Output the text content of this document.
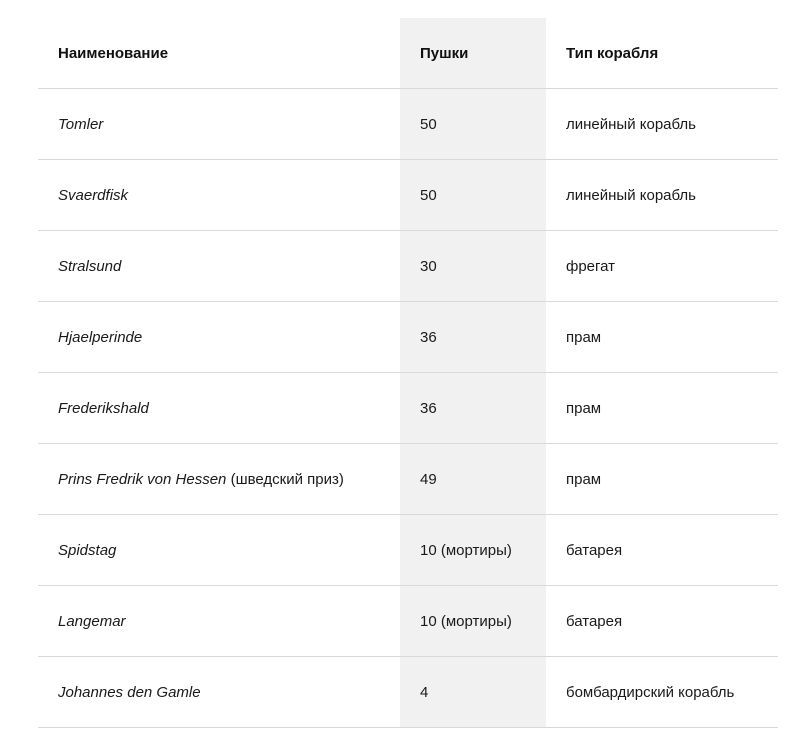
Наименование	Пушки	Тип корабля
Tomler	50	линейный корабль
Svaerdfisk	50	линейный корабль
Stralsund	30	фрегат
Hjaelperinde	36	прам
Frederikshald	36	прам
Prins Fredrik von Hessen (шведский приз)	49	прам
Spidstag	10 (мортиры)	батарея
Langemar	10 (мортиры)	батарея
Johannes den Gamle	4	бомбардирский корабль
